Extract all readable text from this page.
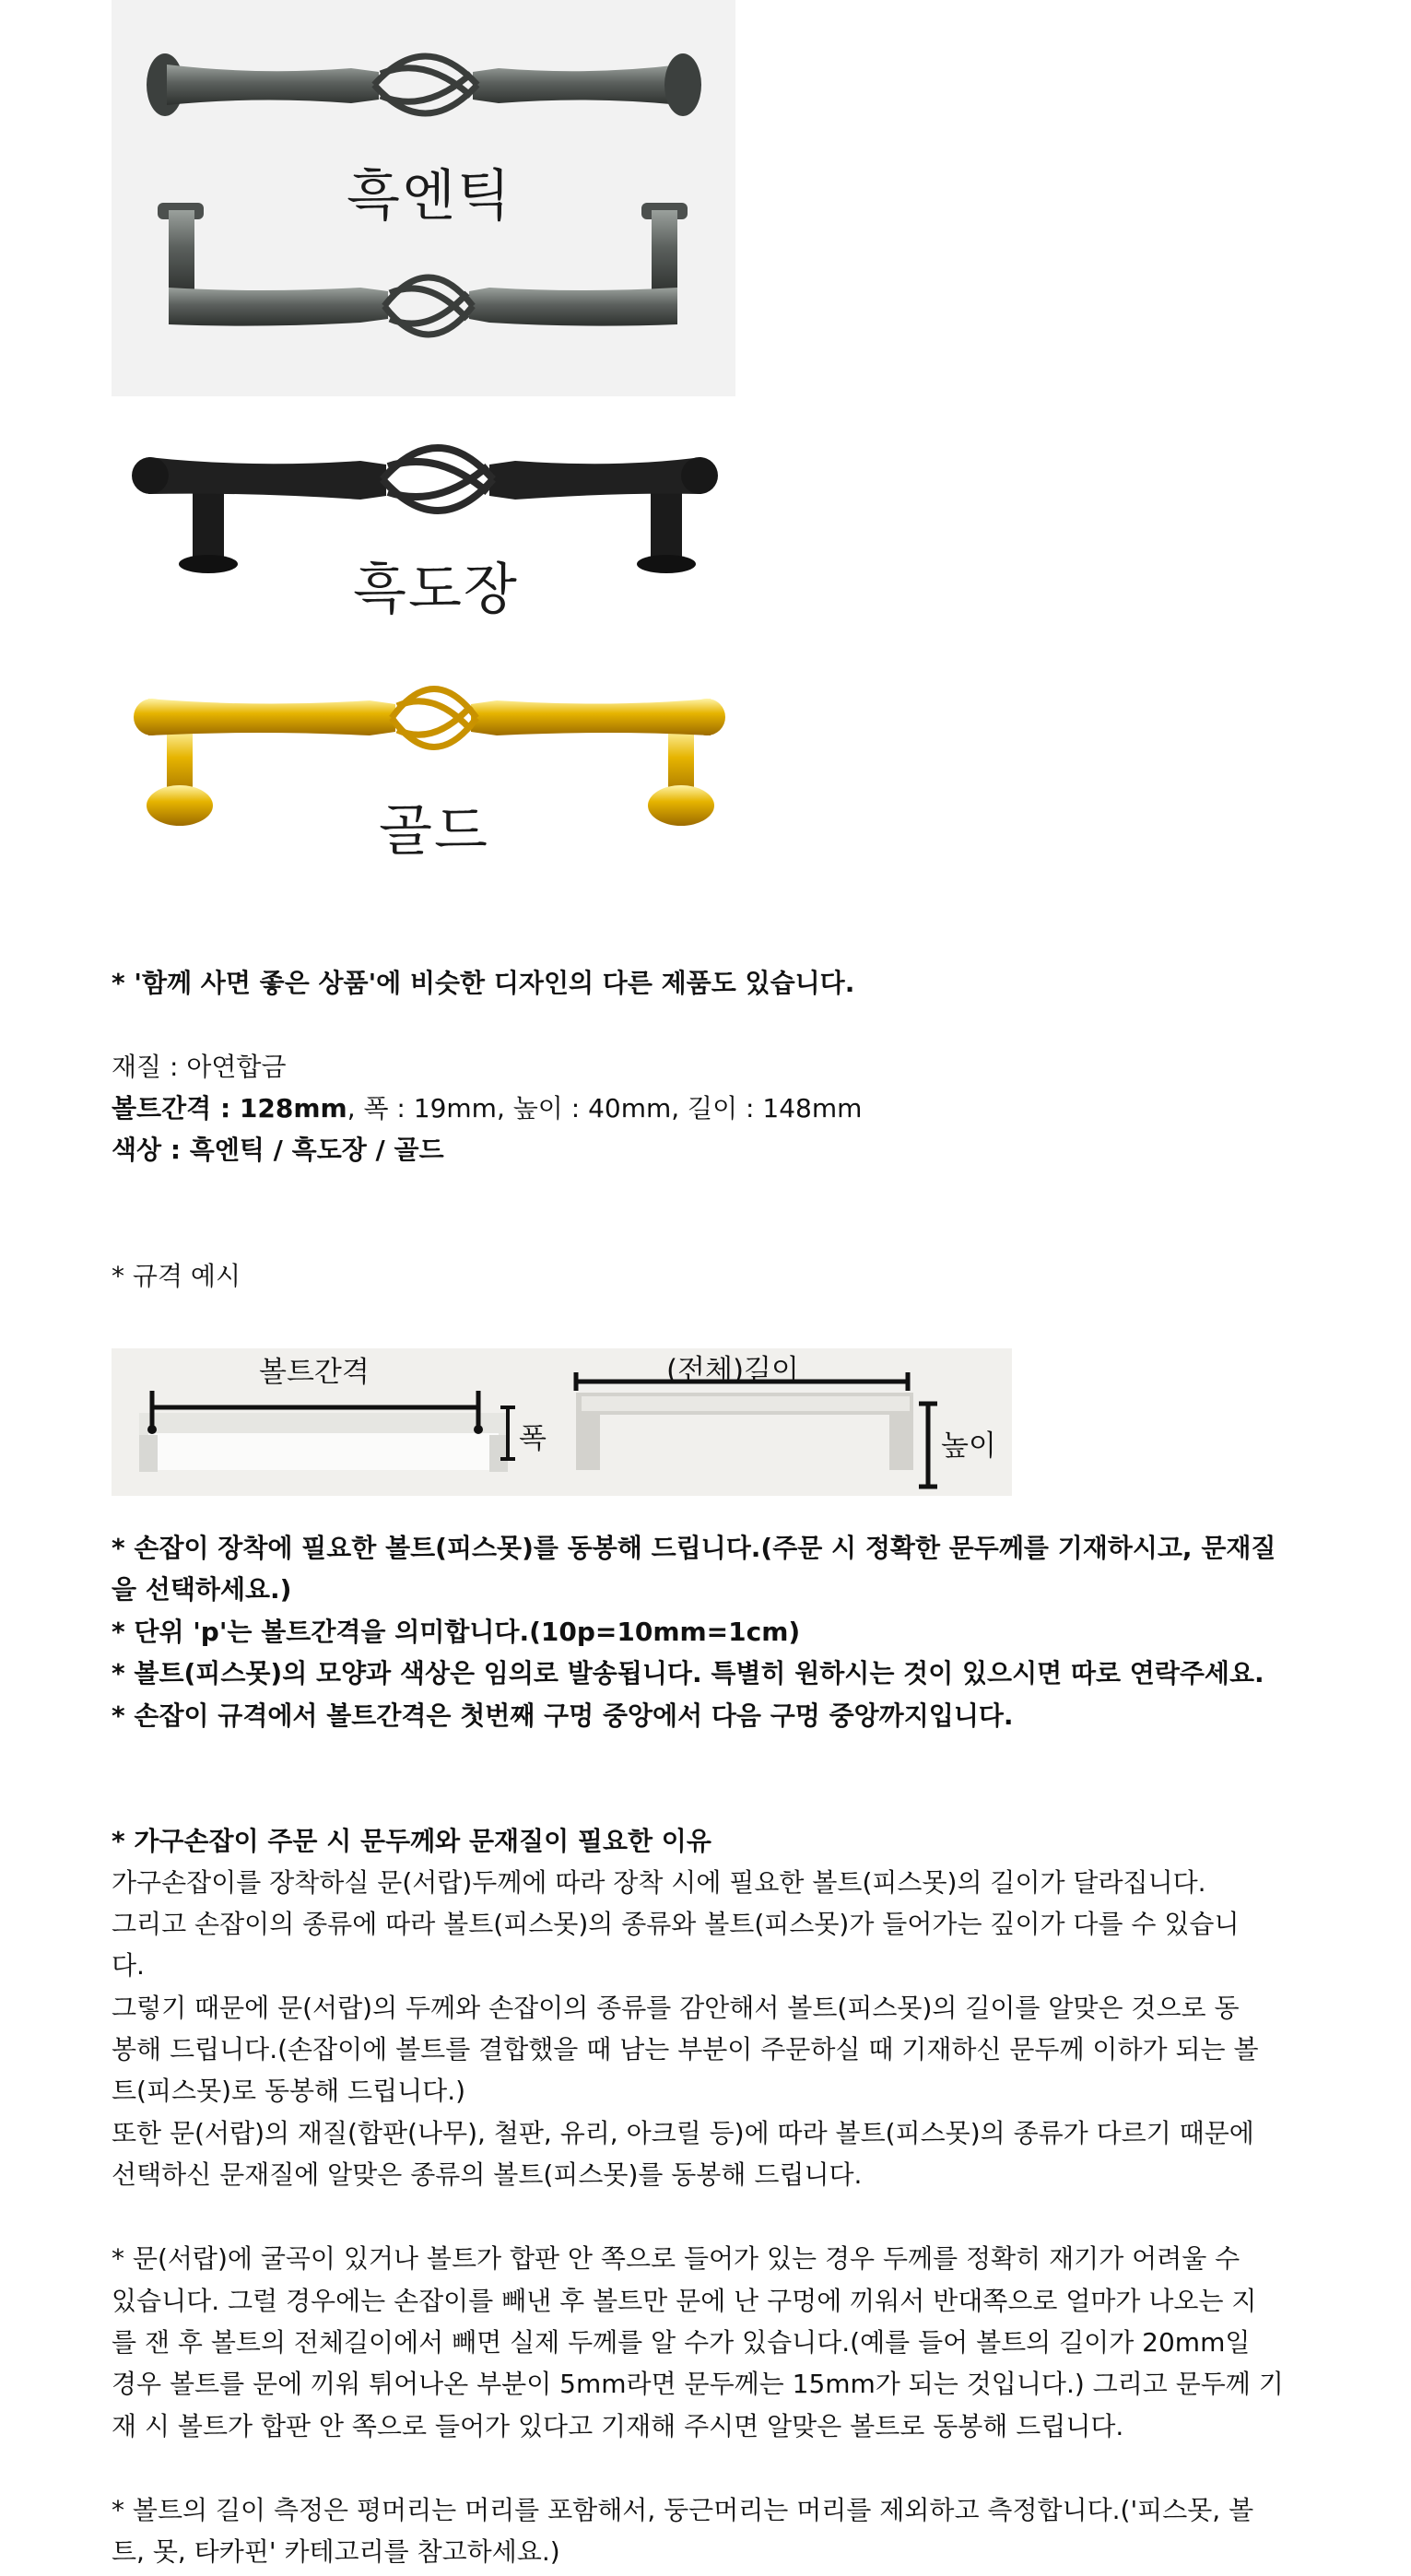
흑엔틱
흑도장
골드
* '함께 사면 좋은 상품'에 비슷한 디자인의 다른 제품도 있습니다.
재질 : 아연합금
볼트간격 : 128mm, 폭 : 19mm, 높이 : 40mm, 길이 : 148mm
색상 : 흑엔틱 / 흑도장 / 골드
* 규격 예시
볼트간격
폭
(전체)길이
높이
* 손잡이 장착에 필요한 볼트(피스못)를 동봉해 드립니다.(주문 시 정확한 문두께를 기재하시고, 문재질
을 선택하세요.)
* 단위 'p'는 볼트간격을 의미합니다.(10p=10mm=1cm)
* 볼트(피스못)의 모양과 색상은 임의로 발송됩니다. 특별히 원하시는 것이 있으시면 따로 연락주세요.
* 손잡이 규격에서 볼트간격은 첫번째 구멍 중앙에서 다음 구멍 중앙까지입니다.
* 가구손잡이 주문 시 문두께와 문재질이 필요한 이유
가구손잡이를 장착하실 문(서랍)두께에 따라 장착 시에 필요한 볼트(피스못)의 길이가 달라집니다.
그리고 손잡이의 종류에 따라 볼트(피스못)의 종류와 볼트(피스못)가 들어가는 깊이가 다를 수 있습니
다.
그렇기 때문에 문(서랍)의 두께와 손잡이의 종류를 감안해서 볼트(피스못)의 길이를 알맞은 것으로 동
봉해 드립니다.(손잡이에 볼트를 결합했을 때 남는 부분이 주문하실 때 기재하신 문두께 이하가 되는 볼
트(피스못)로 동봉해 드립니다.)
또한 문(서랍)의 재질(합판(나무), 철판, 유리, 아크릴 등)에 따라 볼트(피스못)의 종류가 다르기 때문에
선택하신 문재질에 알맞은 종류의 볼트(피스못)를 동봉해 드립니다.
* 문(서랍)에 굴곡이 있거나 볼트가 합판 안 쪽으로 들어가 있는 경우 두께를 정확히 재기가 어려울 수
있습니다. 그럴 경우에는 손잡이를 빼낸 후 볼트만 문에 난 구멍에 끼워서 반대쪽으로 얼마가 나오는 지
를 잰 후 볼트의 전체길이에서 빼면 실제 두께를 알 수가 있습니다.(예를 들어 볼트의 길이가 20mm일
경우 볼트를 문에 끼워 튀어나온 부분이 5mm라면 문두께는 15mm가 되는 것입니다.) 그리고 문두께 기
재 시 볼트가 합판 안 쪽으로 들어가 있다고 기재해 주시면 알맞은 볼트로 동봉해 드립니다.
* 볼트의 길이 측정은 평머리는 머리를 포함해서, 둥근머리는 머리를 제외하고 측정합니다.('피스못, 볼
트, 못, 타카핀' 카테고리를 참고하세요.)
